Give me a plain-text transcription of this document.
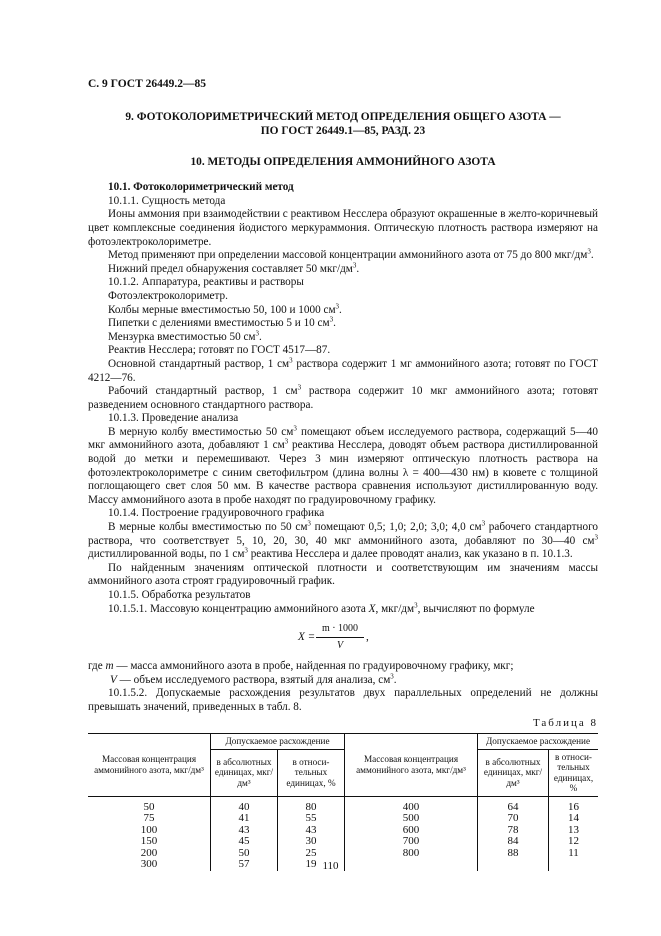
С. 9 ГОСТ 26449.2—85
9. ФОТОКОЛОРИМЕТРИЧЕСКИЙ МЕТОД ОПРЕДЕЛЕНИЯ ОБЩЕГО АЗОТА —
ПО ГОСТ 26449.1—85, РАЗД. 23
10. МЕТОДЫ ОПРЕДЕЛЕНИЯ АММОНИЙНОГО АЗОТА

10.1. Фотоколориметрический метод

10.1.1. Сущность метода

Ионы аммония при взаимодействии с реактивом Несслера образуют окрашенные в желто-коричневый цвет комплексные соединения йодистого меркураммония. Оптическую плотность раствора измеряют на фотоэлектроколориметре.

Метод применяют при определении массовой концентрации аммонийного азота от 75 до 800 мкг/$дм^3$.

Нижний предел обнаружения составляет 50 мкг/$дм^3$.

10.1.2. Аппаратура, реактивы и растворы

Фотоэлектроколориметр.

Колбы мерные вместимостью 50, 100 и 1000 $см^3$.

Пипетки с делениями вместимостью 5 и 10 $см^3$.

Мензурка вместимостью 50 $см^3$.

Реактив Несслера; готовят по ГОСТ 4517—87.

Основной стандартный раствор, 1 $см^3$ раствора содержит 1 мг аммонийного азота; готовят по ГОСТ 4212—76.

Рабочий стандартный раствор, 1 $см^3$ раствора содержит 10 мкг аммонийного азота; готовят разведением основного стандартного раствора.

10.1.3. Проведение анализа

В мерную колбу вместимостью 50 $см^3$ помещают объем исследуемого раствора, содержащий 5—40 мкг аммонийного азота, добавляют 1 $см^3$ реактива Несслера, доводят объем раствора дистиллированной водой до метки и перемешивают. Через 3 мин измеряют оптическую плотность раствора на фотоэлектроколориметре с синим светофильтром (длина волны λ = 400—430 нм) в кювете с толщиной поглощающего свет слоя 50 мм. В качестве раствора сравнения используют дистиллированную воду. Массу аммонийного азота в пробе находят по градуировочному графику.

10.1.4. Построение градуировочного графика

В мерные колбы вместимостью по 50 $см^3$ помещают 0,5; 1,0; 2,0; 3,0; 4,0 $см^3$ рабочего стандартного раствора, что соответствует 5, 10, 20, 30, 40 мкг аммонийного азота, добавляют по 30—40 $см^3$ дистиллированной воды, по 1 $см^3$ реактива Несслера и далее проводят анализ, как указано в п. 10.1.3.

По найденным значениям оптической плотности и соответствующим им значениям массы аммонийного азота строят градуировочный график.

10.1.5. Обработка результатов

10.1.5.1. Массовую концентрацию аммонийного азота X, мкг/$дм^3$, вычисляют по формуле

$X = \frac{m \cdot 1000}{V}$ ,

где m — масса аммонийного азота в пробе, найденная по градуировочному графику, мкг;

V — объем исследуемого раствора, взятый для анализа, $см^3$.

10.1.5.2. Допускаемые расхождения результатов двух параллельных определений не должны превышать значений, приведенных в табл. 8.

Таблица 8
Массовая концентрация аммонийного азота, мкг/дм³	Допускаемое расхождение		Массовая концентрация аммонийного азота, мкг/дм³	Допускаемое расхождение	
	в абсолютных единицах, мкг/дм³	в относи-тельных единицах, %		в абсолютных единицах, мкг/дм³	в относи-тельных единицах, %
50	40	80	400	64	16
75	41	55	500	70	14
100	43	43	600	78	13
150	45	30	700	84	12
200	50	25	800	88	11
300	57	19			110
